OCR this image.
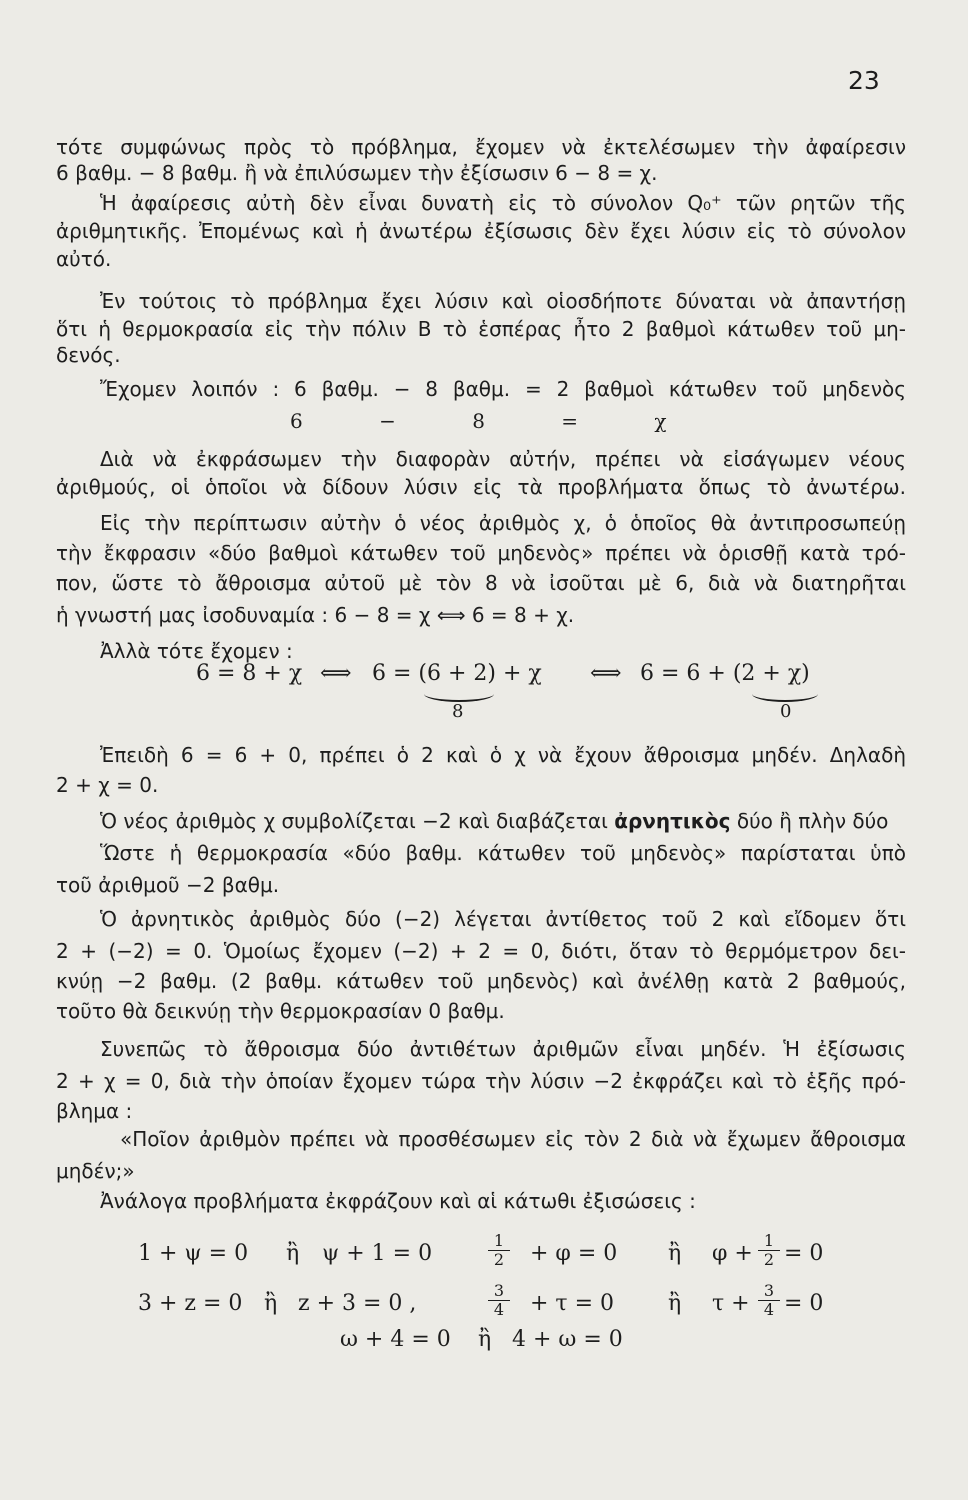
23
τότε συμφώνως πρὸς τὸ πρόβλημα, ἔχομεν νὰ ἐκτελέσωμεν τὴν ἀφαίρεσιν
6 βαθμ. − 8 βαθμ. ἢ νὰ ἐπιλύσωμεν τὴν ἐξίσωσιν 6 − 8 = χ.
Ἡ ἀφαίρεσις αὐτὴ δὲν εἶναι δυνατὴ εἰς τὸ σύνολον Q₀⁺ τῶν ρητῶν τῆς
ἀριθμητικῆς. Ἐπομένως καὶ ἡ ἀνωτέρω ἐξίσωσις δὲν ἔχει λύσιν εἰς τὸ σύνολον
αὐτό.
Ἐν τούτοις τὸ πρόβλημα ἔχει λύσιν καὶ οἱοσδήποτε δύναται νὰ ἀπαντήσῃ
ὅτι ἡ θερμοκρασία εἰς τὴν πόλιν Β τὸ ἑσπέρας ἦτο 2 βαθμοὶ κάτωθεν τοῦ μη-
δενός.
Ἔχομεν λοιπόν : 6 βαθμ. − 8 βαθμ. = 2 βαθμοὶ κάτωθεν τοῦ μηδενὸς
6 − 8 = χ
Διὰ νὰ ἐκφράσωμεν τὴν διαφορὰν αὐτήν, πρέπει νὰ εἰσάγωμεν νέους
ἀριθμούς, οἱ ὁποῖοι νὰ δίδουν λύσιν εἰς τὰ προβλήματα ὅπως τὸ ἀνωτέρω.
Εἰς τὴν περίπτωσιν αὐτὴν ὁ νέος ἀριθμὸς χ, ὁ ὁποῖος θὰ ἀντιπροσωπεύῃ
τὴν ἔκφρασιν «δύο βαθμοὶ κάτωθεν τοῦ μηδενὸς» πρέπει νὰ ὁρισθῇ κατὰ τρό-
πον, ὥστε τὸ ἄθροισμα αὐτοῦ μὲ τὸν 8 νὰ ἰσοῦται μὲ 6, διὰ νὰ διατηρῆται
ἡ γνωστή μας ἰσοδυναμία : 6 − 8 = χ ⟺ 6 = 8 + χ.
Ἀλλὰ τότε ἔχομεν :
6 = 8 + χ ⟺ 6 = (6 + 2) + χ ⟺ 6 = 6 + (2 + χ)
8	0
Ἐπειδὴ 6 = 6 + 0, πρέπει ὁ 2 καὶ ὁ χ νὰ ἔχουν ἄθροισμα μηδέν. Δηλαδὴ
2 + χ = 0.
Ὁ νέος ἀριθμὸς χ συμβολίζεται −2 καὶ διαβάζεται ἀρνητικὸς δύο ἢ πλὴν δύο
Ὥστε ἡ θερμοκρασία «δύο βαθμ. κάτωθεν τοῦ μηδενὸς» παρίσταται ὑπὸ
τοῦ ἀριθμοῦ −2 βαθμ.
Ὁ ἀρνητικὸς ἀριθμὸς δύο (−2) λέγεται ἀντίθετος τοῦ 2 καὶ εἴδομεν ὅτι
2 + (−2) = 0. Ὁμοίως ἔχομεν (−2) + 2 = 0, διότι, ὅταν τὸ θερμόμετρον δει-
κνύῃ −2 βαθμ. (2 βαθμ. κάτωθεν τοῦ μηδενὸς) καὶ ἀνέλθῃ κατὰ 2 βαθμούς,
τοῦτο θὰ δεικνύῃ τὴν θερμοκρασίαν 0 βαθμ.
Συνεπῶς τὸ ἄθροισμα δύο ἀντιθέτων ἀριθμῶν εἶναι μηδέν. Ἡ ἐξίσωσις
2 + χ = 0, διὰ τὴν ὁποίαν ἔχομεν τώρα τὴν λύσιν −2 ἐκφράζει καὶ τὸ ἑξῆς πρό-
βλημα :
«Ποῖον ἀριθμὸν πρέπει νὰ προσθέσωμεν εἰς τὸν 2 διὰ νὰ ἔχωμεν ἄθροισμα
μηδέν;»
Ἀνάλογα προβλήματα ἐκφράζουν καὶ αἱ κάτωθι ἐξισώσεις :
1 + ψ = 0 ἢ ψ + 1 = 0	$\frac{1}{2} + \varphi = 0$ ἢ $\varphi + \frac{1}{2} = 0$
3 + z = 0 ἢ z + 3 = 0 ,	$\frac{3}{4} + \tau = 0$ ἢ $\tau + \frac{3}{4} = 0$
ω + 4 = 0 ἢ 4 + ω = 0
